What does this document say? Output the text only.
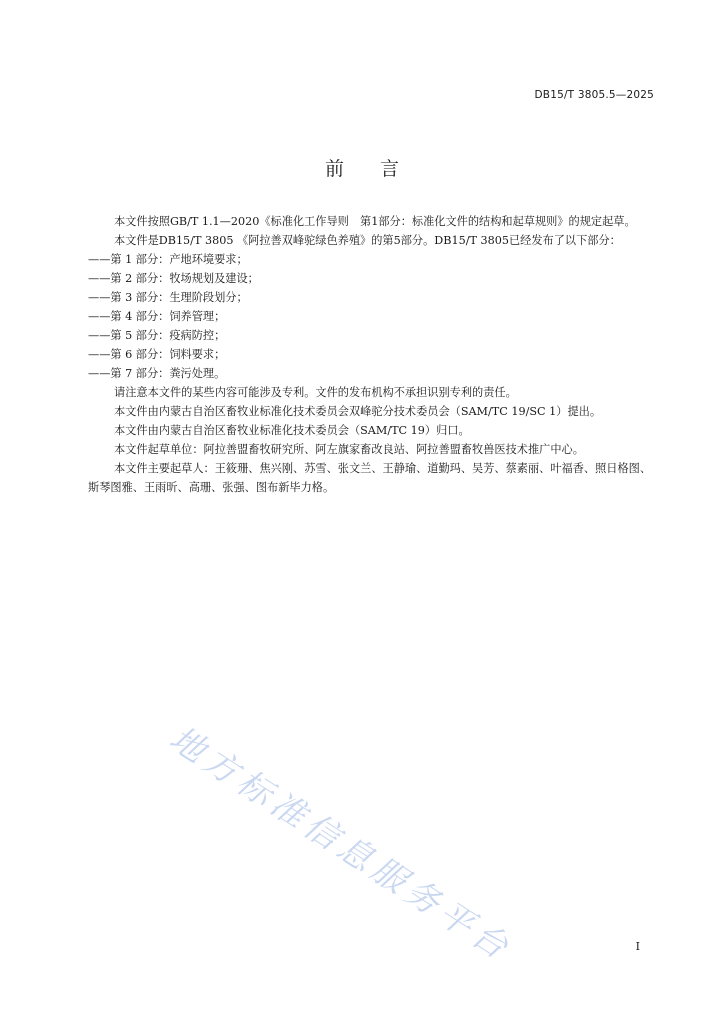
DB15/T 3805.5—2025
前言

本文件按照GB/T 1.1—2020《标准化工作导则　第1部分：标准化文件的结构和起草规则》的规定起草。

本文件是DB15/T 3805 《阿拉善双峰驼绿色养殖》的第5部分。DB15/T 3805已经发布了以下部分：

——第 1 部分：产地环境要求；

——第 2 部分：牧场规划及建设；

——第 3 部分：生理阶段划分；

——第 4 部分：饲养管理；

——第 5 部分：疫病防控；

——第 6 部分：饲料要求；

——第 7 部分：粪污处理。

请注意本文件的某些内容可能涉及专利。文件的发布机构不承担识别专利的责任。

本文件由内蒙古自治区畜牧业标准化技术委员会双峰驼分技术委员会（SAM/TC 19/SC 1）提出。

本文件由内蒙古自治区畜牧业标准化技术委员会（SAM/TC 19）归口。

本文件起草单位：阿拉善盟畜牧研究所、阿左旗家畜改良站、阿拉善盟畜牧兽医技术推广中心。

本文件主要起草人：王筱珊、焦兴刚、苏雪、张文兰、王静瑜、道勤玛、吴芳、蔡素丽、叶福香、照日格图、斯琴图雅、王雨昕、高珊、张强、图布新毕力格。

地方标准信息服务平台	I
